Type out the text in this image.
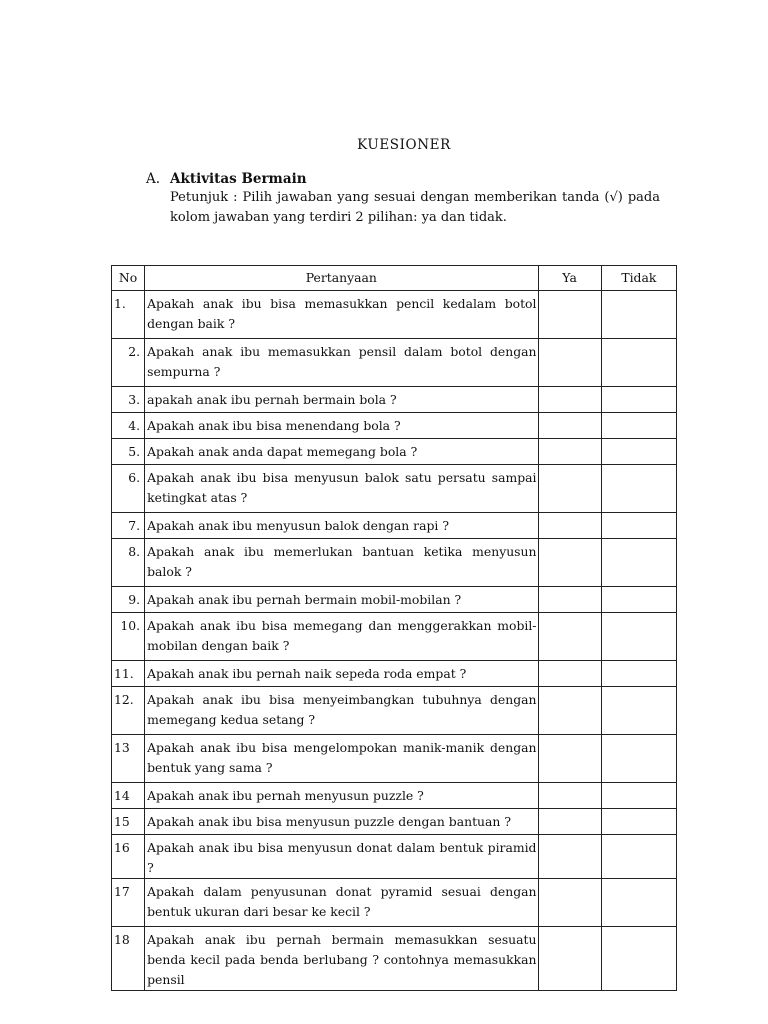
KUESIONER
A. Aktivitas Bermain
Petunjuk : Pilih jawaban yang sesuai dengan memberikan tanda (√) pada kolom jawaban yang terdiri 2 pilihan: ya dan tidak.
No	Pertanyaan	Ya	Tidak
1.	Apakah anak ibu bisa memasukkan pencil kedalam botol dengan baik ?		
2.	Apakah anak ibu memasukkan pensil dalam botol dengan sempurna ?		
3.	apakah anak ibu pernah bermain bola ?		
4.	Apakah anak ibu bisa menendang bola ?		
5.	Apakah anak anda dapat memegang bola ?		
6.	Apakah anak ibu bisa menyusun balok satu persatu sampai ketingkat atas ?		
7.	Apakah anak ibu menyusun balok dengan rapi ?		
8.	Apakah anak ibu memerlukan bantuan ketika menyusun balok ?		
9.	Apakah anak ibu pernah bermain mobil-mobilan ?		
10.	Apakah anak ibu bisa memegang dan menggerakkan mobil-mobilan dengan baik ?		
11.	Apakah anak ibu pernah naik sepeda roda empat ?		
12.	Apakah anak ibu bisa menyeimbangkan tubuhnya dengan memegang kedua setang ?		
13	Apakah anak ibu bisa mengelompokan manik-manik dengan bentuk yang sama ?		
14	Apakah anak ibu pernah menyusun puzzle ?		
15	Apakah anak ibu bisa menyusun puzzle dengan bantuan ?		
16	Apakah anak ibu bisa menyusun donat dalam bentuk piramid ?		
17	Apakah dalam penyusunan donat pyramid sesuai dengan bentuk ukuran dari besar ke kecil ?		
18	Apakah anak ibu pernah bermain memasukkan sesuatu benda kecil pada benda berlubang ? contohnya memasukkan pensil		
